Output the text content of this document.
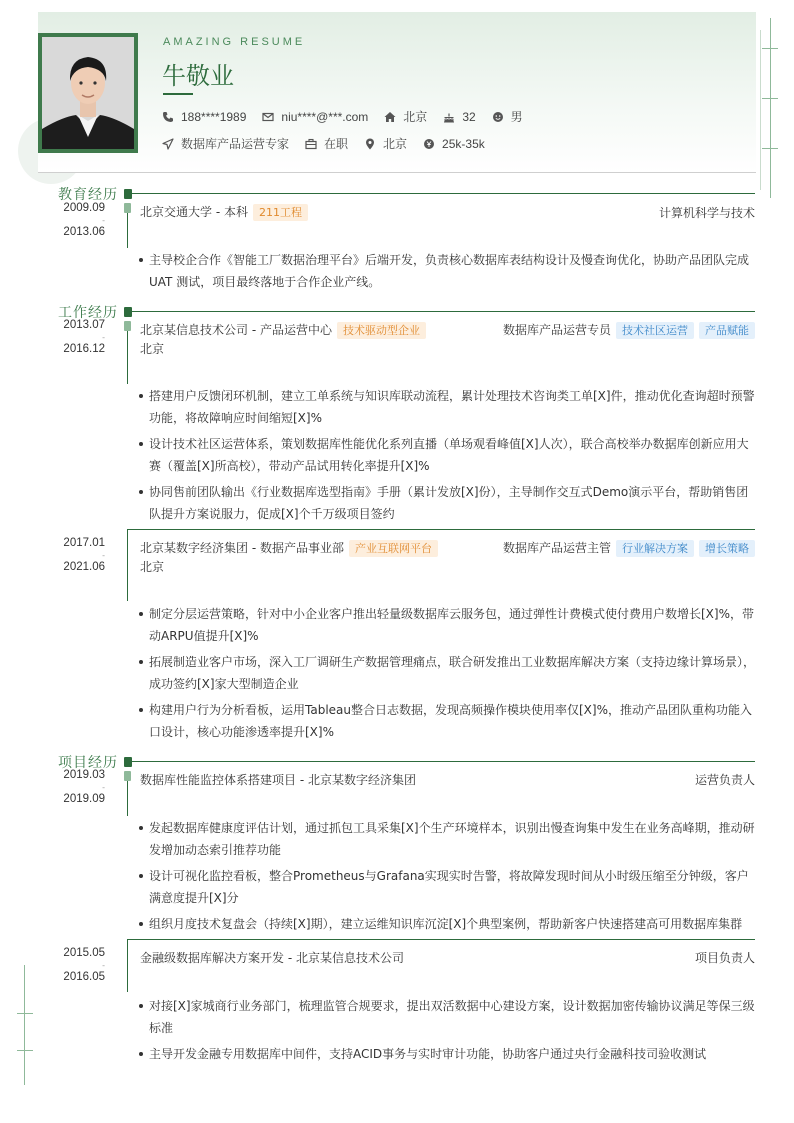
AMAZING RESUME
牛敬业
188****1989	niu****@***.com	北京	32	男
数据库产品运营专家	在职	北京	25k-35k
教育经历
2009.09
-
2013.06
北京交通大学 - 本科 211工程	计算机科学与技术
主导校企合作《智能工厂数据治理平台》后端开发，负责核心数据库表结构设计及慢查询优化，协助产品团队完成UAT 测试，项目最终落地于合作企业产线。
工作经历
2013.07
-
2016.12
北京某信息技术公司 - 产品运营中心 技术驱动型企业	数据库产品运营专员 技术社区运营 产品赋能
北京
搭建用户反馈闭环机制，建立工单系统与知识库联动流程，累计处理技术咨询类工单[X]件，推动优化查询超时预警功能，将故障响应时间缩短[X]%
设计技术社区运营体系，策划数据库性能优化系列直播（单场观看峰值[X]人次），联合高校举办数据库创新应用大赛（覆盖[X]所高校），带动产品试用转化率提升[X]%
协同售前团队输出《行业数据库选型指南》手册（累计发放[X]份），主导制作交互式Demo演示平台，帮助销售团队提升方案说服力，促成[X]个千万级项目签约
2017.01
-
2021.06
北京某数字经济集团 - 数据产品事业部 产业互联网平台	数据库产品运营主管 行业解决方案 增长策略
北京
制定分层运营策略，针对中小企业客户推出轻量级数据库云服务包，通过弹性计费模式使付费用户数增长[X]%，带动ARPU值提升[X]%
拓展制造业客户市场，深入工厂调研生产数据管理痛点，联合研发推出工业数据库解决方案（支持边缘计算场景），成功签约[X]家大型制造企业
构建用户行为分析看板，运用Tableau整合日志数据，发现高频操作模块使用率仅[X]%，推动产品团队重构功能入口设计，核心功能渗透率提升[X]%
项目经历
2019.03
-
2019.09
数据库性能监控体系搭建项目 - 北京某数字经济集团	运营负责人
发起数据库健康度评估计划，通过抓包工具采集[X]个生产环境样本，识别出慢查询集中发生在业务高峰期，推动研发增加动态索引推荐功能
设计可视化监控看板，整合Prometheus与Grafana实现实时告警，将故障发现时间从小时级压缩至分钟级，客户满意度提升[X]分
组织月度技术复盘会（持续[X]期），建立运维知识库沉淀[X]个典型案例，帮助新客户快速搭建高可用数据库集群
2015.05
-
2016.05
金融级数据库解决方案开发 - 北京某信息技术公司	项目负责人
对接[X]家城商行业务部门，梳理监管合规要求，提出双活数据中心建设方案，设计数据加密传输协议满足等保三级标准
主导开发金融专用数据库中间件，支持ACID事务与实时审计功能，协助客户通过央行金融科技司验收测试
